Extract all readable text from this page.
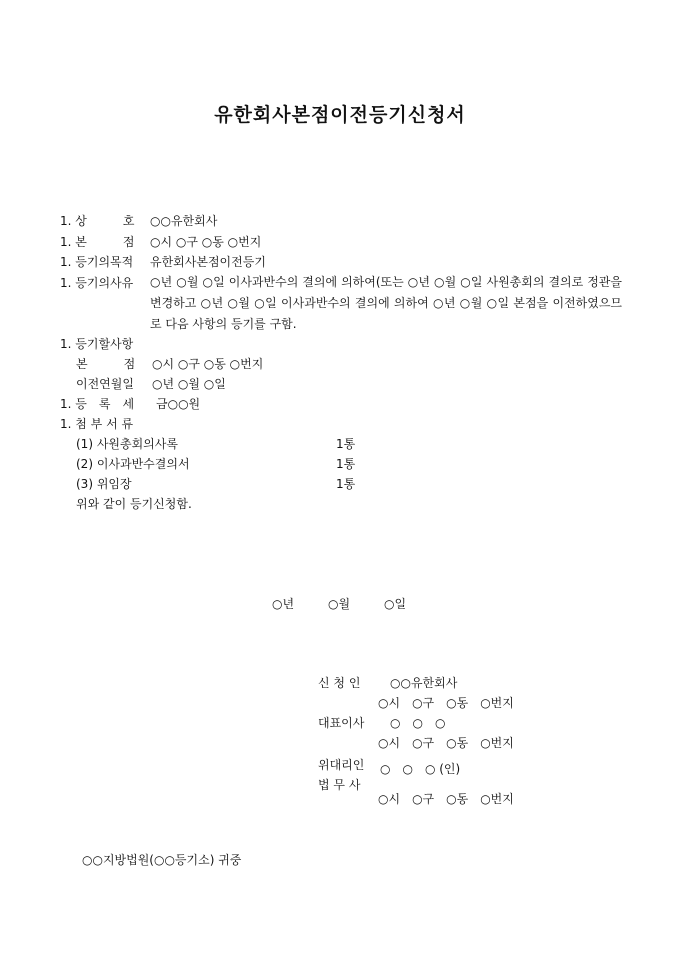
유한회사본점이전등기신청서
1. 상　　　호 ○○유한회사
1. 본　　　점 ○시 ○구 ○동 ○번지
1. 등기의목적 유한회사본점이전등기
1. 등기의사유 ○년 ○월 ○일 이사과반수의 결의에 의하여(또는 ○년 ○월 ○일 사원총회의 결의로 정관을 변경하고 ○년 ○월 ○일 이사과반수의 결의에 의하여 ○년 ○월 ○일 본점을 이전하였으므로 다음 사항의 등기를 구함.
1. 등기할사항
본　　　점 ○시 ○구 ○동 ○번지
이전연월일 ○년 ○월 ○일
1. 등　록　세 금○○원
1. 첨 부 서 류
(1) 사원총회의사록	1통
(2) 이사과반수결의서	1통
(3) 위임장	1통
위와 같이 등기신청함.
○년	○월	○일
신 청 인 ○○유한회사
○시　○구　○동　○번지
대표이사 ○　○　○
○시　○구　○동　○번지
위대리인 ○　○　○ (인)
법 무 사
○시　○구　○동　○번지
○○지방법원(○○등기소) 귀중
